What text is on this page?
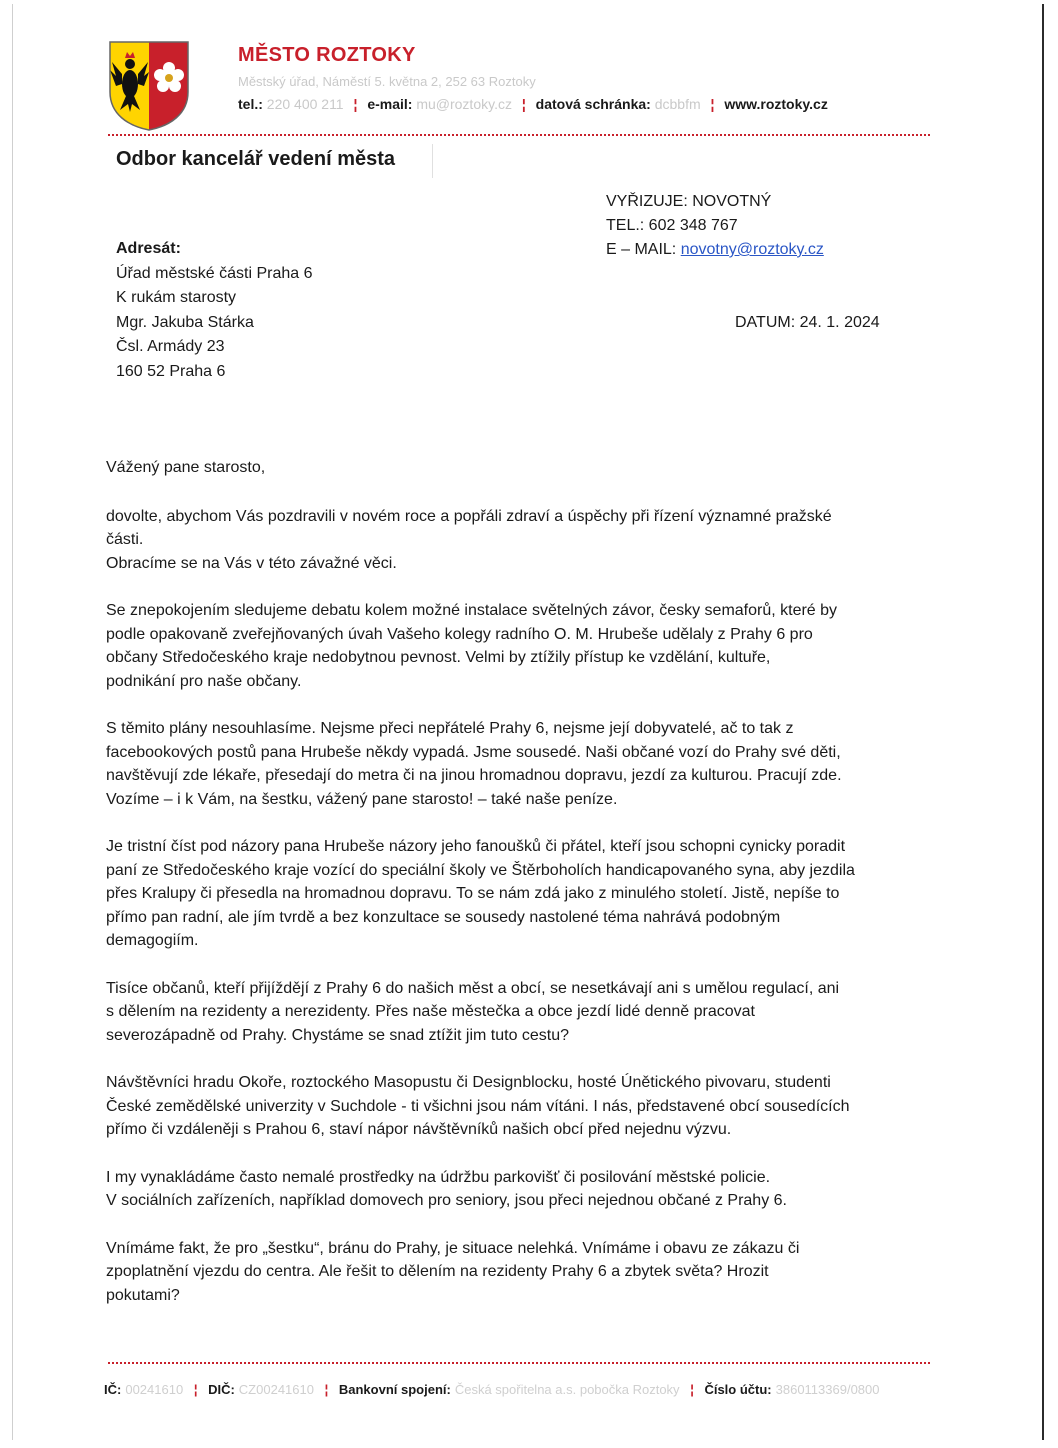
MĚSTO ROZTOKY
Městský úřad, Náměstí 5. května 2, 252 63 Roztoky
tel.: 220 400 211 ¦ e-mail: mu@roztoky.cz ¦ datová schránka: dcbbfm ¦ www.roztoky.cz
Odbor kancelář vedení města
VYŘIZUJE: NOVOTNÝ
TEL.: 602 348 767
E – MAIL: novotny@roztoky.cz
Adresát:
Úřad městské části Praha 6
K rukám starosty
Mgr. Jakuba Stárka
Čsl. Armády 23
160 52 Praha 6
DATUM: 24. 1. 2024

Vážený pane starosto,

dovolte, abychom Vás pozdravili v novém roce a popřáli zdraví a úspěchy při řízení významné pražské
části.
Obracíme se na Vás v této závažné věci.

Se znepokojením sledujeme debatu kolem možné instalace světelných závor, česky semaforů, které by
podle opakovaně zveřejňovaných úvah Vašeho kolegy radního O. M. Hrubeše udělaly z Prahy 6 pro
občany Středočeského kraje nedobytnou pevnost. Velmi by ztížily přístup ke vzdělání, kultuře,
podnikání pro naše občany.

S těmito plány nesouhlasíme. Nejsme přeci nepřátelé Prahy 6, nejsme její dobyvatelé, ač to tak z
facebookových postů pana Hrubeše někdy vypadá. Jsme sousedé. Naši občané vozí do Prahy své děti,
navštěvují zde lékaře, přesedají do metra či na jinou hromadnou dopravu, jezdí za kulturou. Pracují zde.
Vozíme – i k Vám, na šestku, vážený pane starosto! – také naše peníze.

Je tristní číst pod názory pana Hrubeše názory jeho fanoušků či přátel, kteří jsou schopni cynicky poradit
paní ze Středočeského kraje vozící do speciální školy ve Štěrboholích handicapovaného syna, aby jezdila
přes Kralupy či přesedla na hromadnou dopravu. To se nám zdá jako z minulého století. Jistě, nepíše to
přímo pan radní, ale jím tvrdě a bez konzultace se sousedy nastolené téma nahrává podobným
demagogiím.

Tisíce občanů, kteří přijíždějí z Prahy 6 do našich měst a obcí, se nesetkávají ani s umělou regulací, ani
s dělením na rezidenty a nerezidenty. Přes naše městečka a obce jezdí lidé denně pracovat
severozápadně od Prahy. Chystáme se snad ztížit jim tuto cestu?

Návštěvníci hradu Okoře, roztockého Masopustu či Designblocku, hosté Únětického pivovaru, studenti
České zemědělské univerzity v Suchdole - ti všichni jsou nám vítáni. I nás, představené obcí sousedících
přímo či vzdáleněji s Prahou 6, staví nápor návštěvníků našich obcí před nejednu výzvu.

I my vynakládáme často nemalé prostředky na údržbu parkovišť či posilování městské policie.
V sociálních zařízeních, například domovech pro seniory, jsou přeci nejednou občané z Prahy 6.

Vnímáme fakt, že pro „šestku“, bránu do Prahy, je situace nelehká. Vnímáme i obavu ze zákazu či
zpoplatnění vjezdu do centra. Ale řešit to dělením na rezidenty Prahy 6 a zbytek světa? Hrozit
pokutami?

IČ: 00241610 ¦ DIČ: CZ00241610 ¦ Bankovní spojení: Česká spořitelna a.s. pobočka Roztoky ¦ Číslo účtu: 3860113369/0800
